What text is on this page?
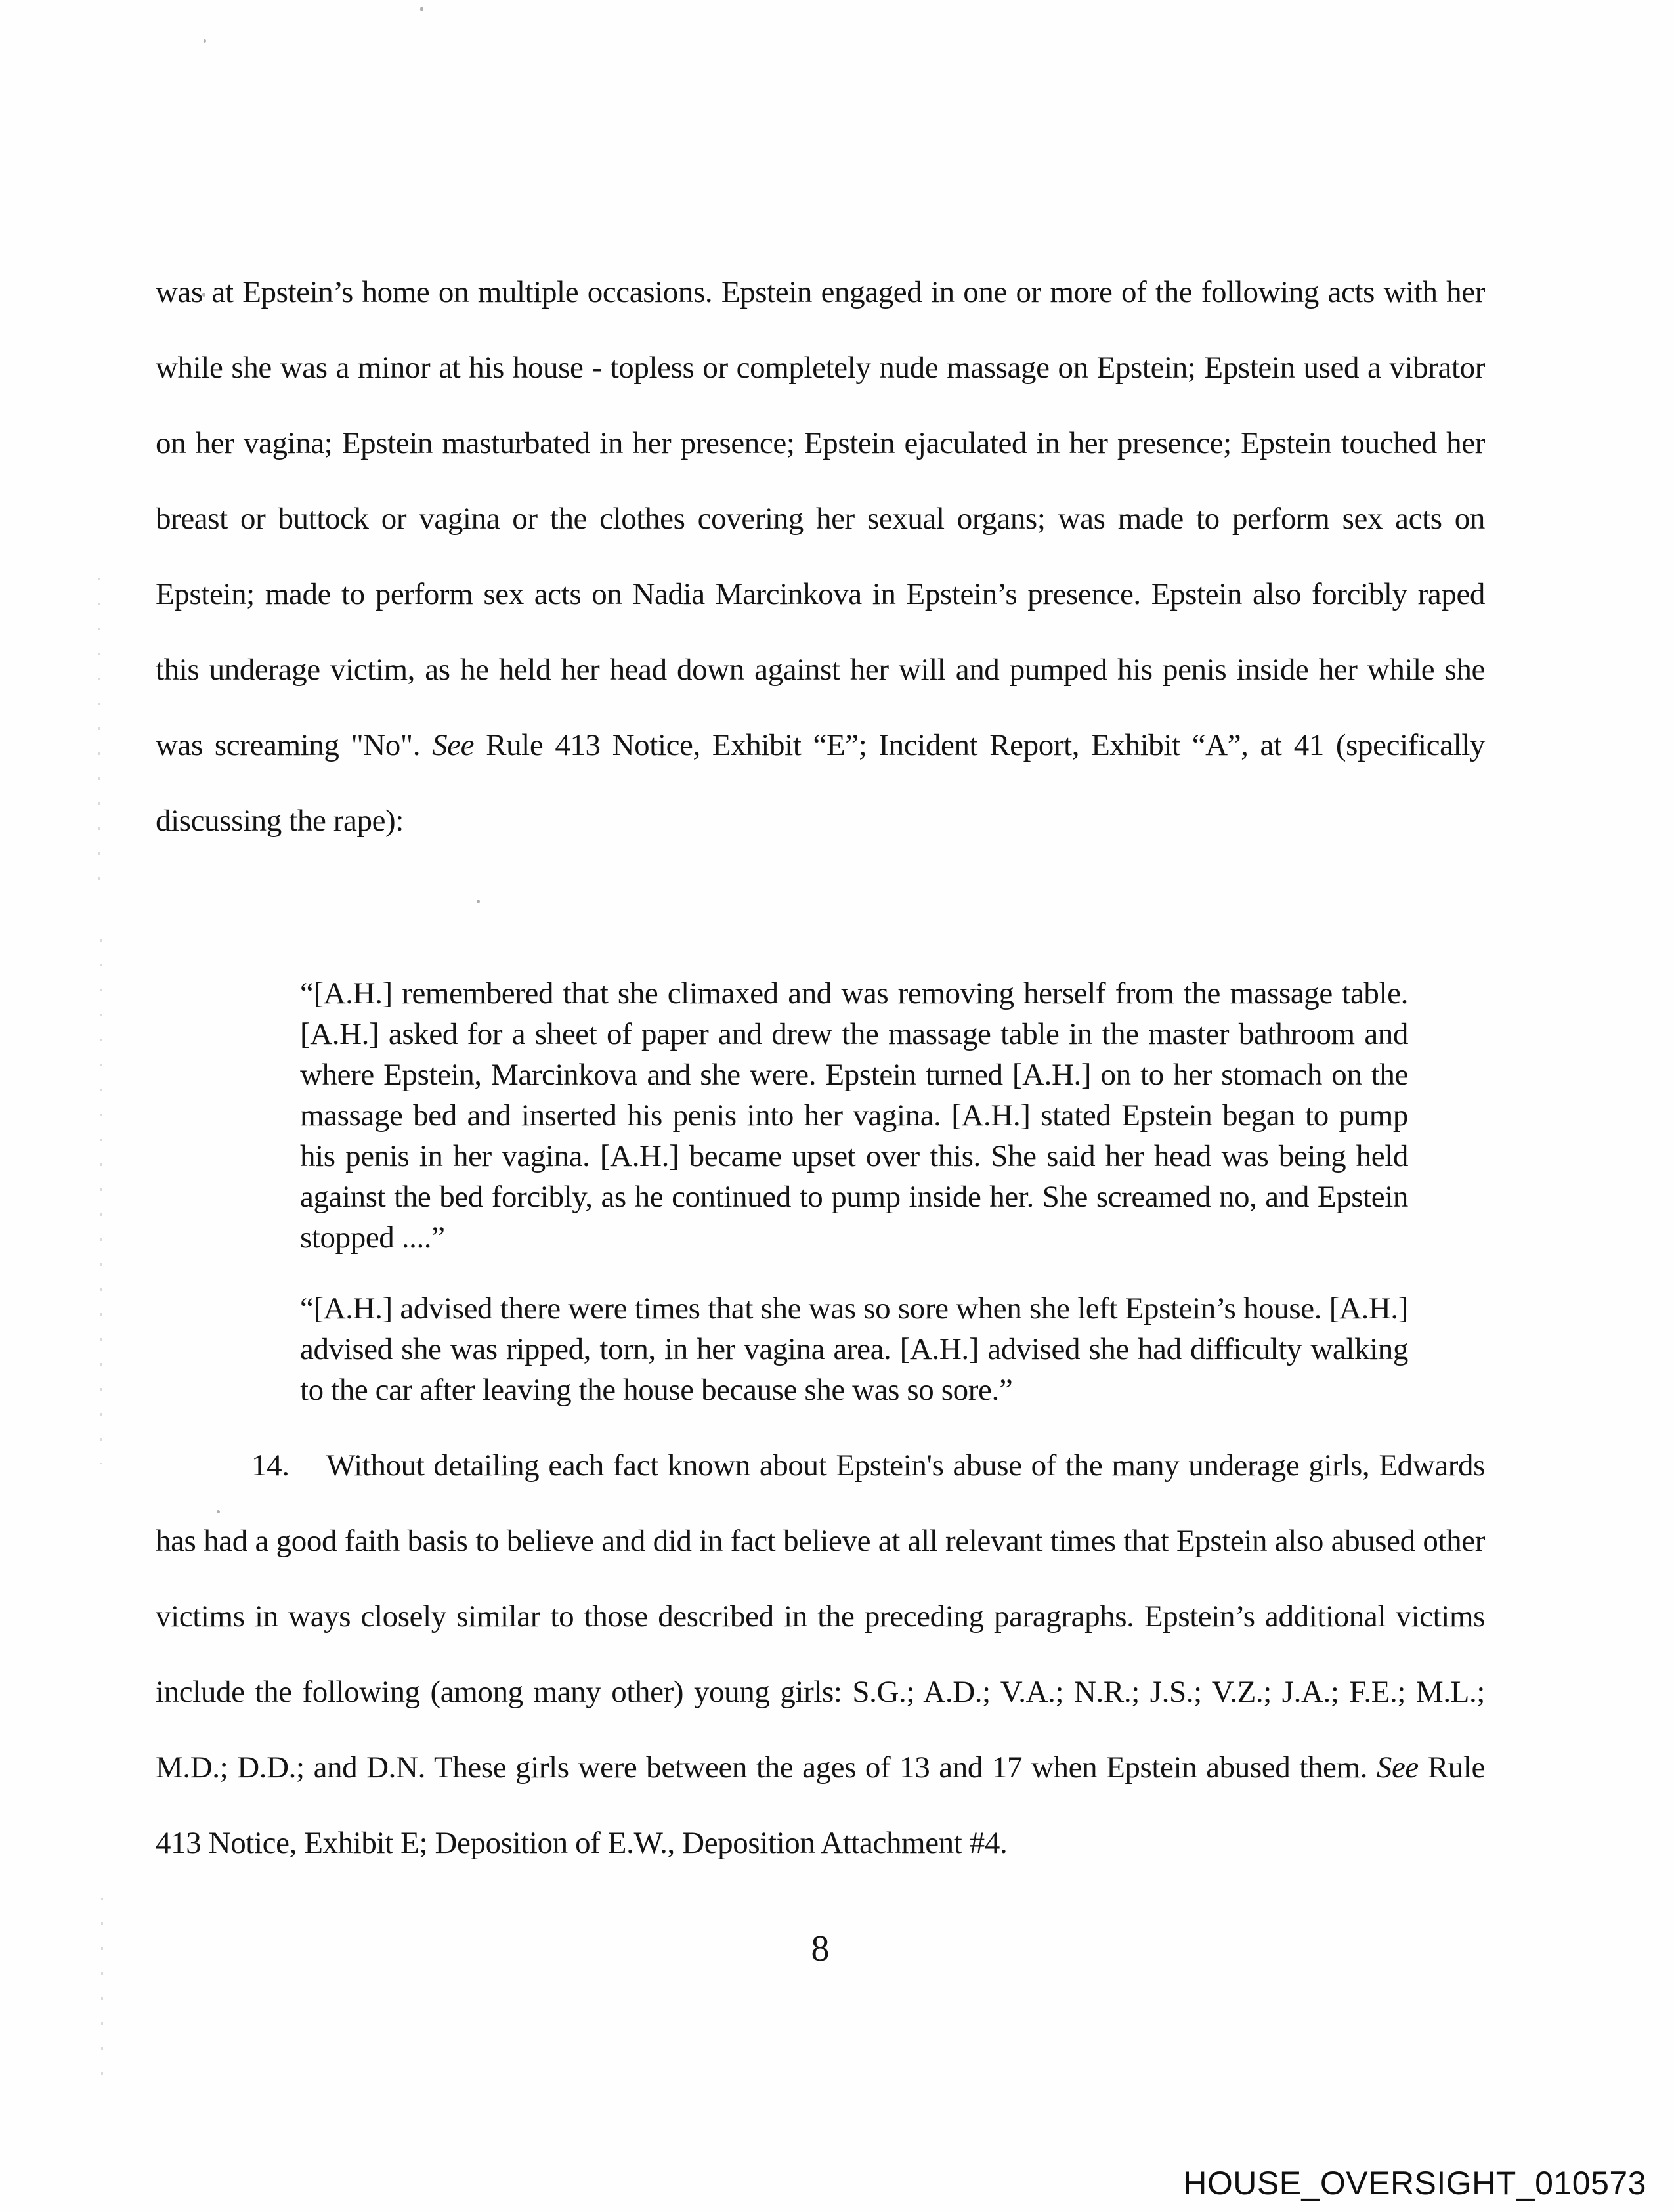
was at Epstein’s home on multiple occasions. Epstein engaged in one or more of the following acts with her while she was a minor at his house - topless or completely nude massage on Epstein; Epstein used a vibrator on her vagina; Epstein masturbated in her presence; Epstein ejaculated in her presence; Epstein touched her breast or buttock or vagina or the clothes covering her sexual organs; was made to perform sex acts on Epstein; made to perform sex acts on Nadia Marcinkova in Epstein’s presence. Epstein also forcibly raped this underage victim, as he held her head down against her will and pumped his penis inside her while she was screaming "No". See Rule 413 Notice, Exhibit “E”; Incident Report, Exhibit “A”, at 41 (specifically discussing the rape):

“[A.H.] remembered that she climaxed and was removing herself from the massage table. [A.H.] asked for a sheet of paper and drew the massage table in the master bathroom and where Epstein, Marcinkova and she were. Epstein turned [A.H.] on to her stomach on the massage bed and inserted his penis into her vagina. [A.H.] stated Epstein began to pump his penis in her vagina. [A.H.] became upset over this. She said her head was being held against the bed forcibly, as he continued to pump inside her. She screamed no, and Epstein stopped ....”
“[A.H.] advised there were times that she was so sore when she left Epstein’s house. [A.H.] advised she was ripped, torn, in her vagina area. [A.H.] advised she had difficulty walking to the car after leaving the house because she was so sore.”

14. Without detailing each fact known about Epstein's abuse of the many underage girls, Edwards has had a good faith basis to believe and did in fact believe at all relevant times that Epstein also abused other victims in ways closely similar to those described in the preceding paragraphs. Epstein’s additional victims include the following (among many other) young girls: S.G.; A.D.; V.A.; N.R.; J.S.; V.Z.; J.A.; F.E.; M.L.; M.D.; D.D.; and D.N. These girls were between the ages of 13 and 17 when Epstein abused them. See Rule 413 Notice, Exhibit E; Deposition of E.W., Deposition Attachment #4.

8
HOUSE_OVERSIGHT_010573
